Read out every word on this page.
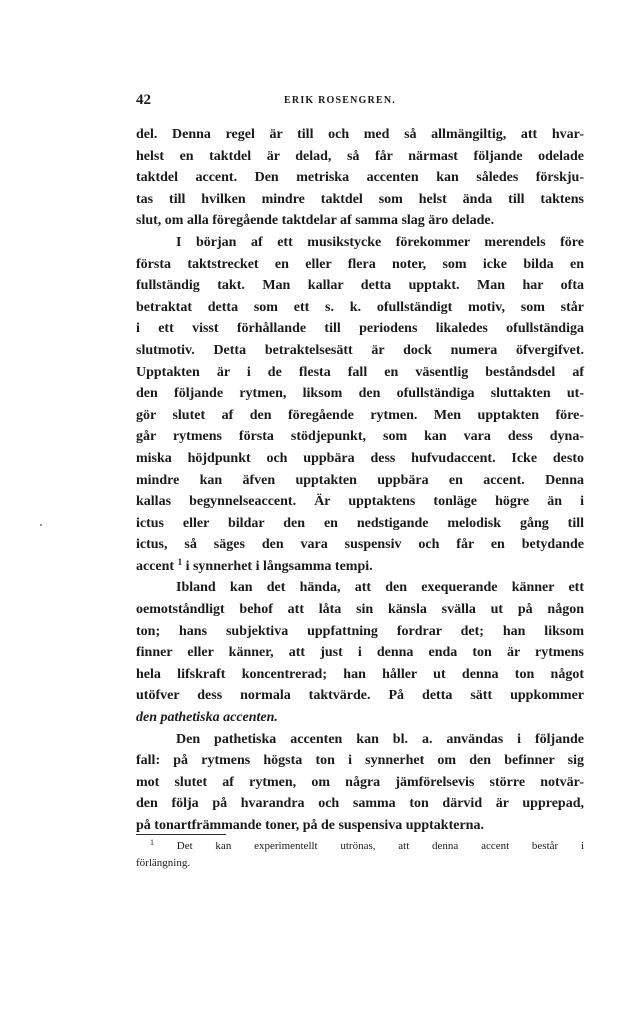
42	ERIK ROSENGREN.
del. Denna regel är till och med så allmängiltig, att hvar-
helst en taktdel är delad, så får närmast följande odelade
taktdel accent. Den metriska accenten kan således förskju-
tas till hvilken mindre taktdel som helst ända till taktens
slut, om alla föregående taktdelar af samma slag äro delade.
I början af ett musikstycke förekommer merendels före
första taktstrecket en eller flera noter, som icke bilda en
fullständig takt. Man kallar detta upptakt. Man har ofta
betraktat detta som ett s. k. ofullständigt motiv, som står
i ett visst förhållande till periodens likaledes ofullständiga
slutmotiv. Detta betraktelsesätt är dock numera öfvergifvet.
Upptakten är i de flesta fall en väsentlig beståndsdel af
den följande rytmen, liksom den ofullständiga sluttakten ut-
gör slutet af den föregående rytmen. Men upptakten före-
går rytmens första stödjepunkt, som kan vara dess dyna-
miska höjdpunkt och uppbära dess hufvudaccent. Icke desto
mindre kan äfven upptakten uppbära en accent. Denna
kallas begynnelseaccent. Är upptaktens tonläge högre än i
ictus eller bildar den en nedstigande melodisk gång till
ictus, så säges den vara suspensiv och får en betydande
accent $^1$ i synnerhet i långsamma tempi.
Ibland kan det hända, att den exequerande känner ett
oemotståndligt behof att låta sin känsla svälla ut på någon
ton; hans subjektiva uppfattning fordrar det; han liksom
finner eller känner, att just i denna enda ton är rytmens
hela lifskraft koncentrerad; han håller ut denna ton något
utöfver dess normala taktvärde. På detta sätt uppkommer
den pathetiska accenten.
Den pathetiska accenten kan bl. a. användas i följande
fall: på rytmens högsta ton i synnerhet om den befinner sig
mot slutet af rytmen, om några jämförelsevis större notvär-
den följa på hvarandra och samma ton därvid är upprepad,
på tonartfrämmande toner, på de suspensiva upptakterna.
$^1$ Det kan experimentellt utrönas, att denna accent består i
förlängning.
